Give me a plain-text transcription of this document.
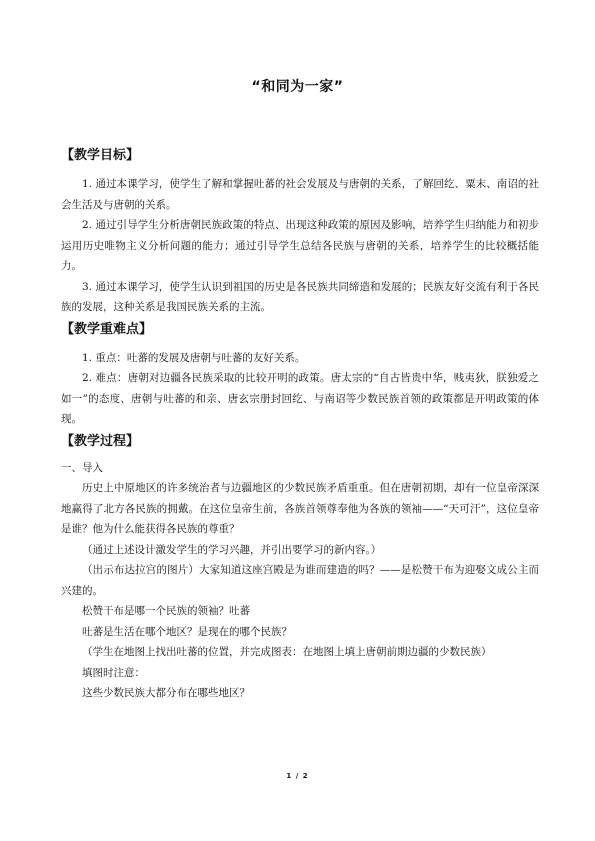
“和同为一家”
【教学目标】

1. 通过本课学习，使学生了解和掌握吐蕃的社会发展及与唐朝的关系，了解回纥、粟末、南诏的社会生活及与唐朝的关系。

2. 通过引导学生分析唐朝民族政策的特点、出现这种政策的原因及影响，培养学生归纳能力和初步运用历史唯物主义分析问题的能力；通过引导学生总结各民族与唐朝的关系，培养学生的比较概括能力。

3. 通过本课学习，使学生认识到祖国的历史是各民族共同缔造和发展的；民族友好交流有利于各民族的发展，这种关系是我国民族关系的主流。

【教学重难点】

1. 重点：吐蕃的发展及唐朝与吐蕃的友好关系。

2. 难点：唐朝对边疆各民族采取的比较开明的政策。唐太宗的“自古皆贵中华，贱夷狄，朕独爱之如一”的态度、唐朝与吐蕃的和亲、唐玄宗册封回纥、与南诏等少数民族首领的政策都是开明政策的体现。

【教学过程】

一、导入

历史上中原地区的许多统治者与边疆地区的少数民族矛盾重重。但在唐朝初期，却有一位皇帝深深地赢得了北方各民族的拥戴。在这位皇帝生前，各族首领尊奉他为各族的领袖——“天可汗”，这位皇帝是谁？他为什么能获得各民族的尊重？

（通过上述设计激发学生的学习兴趣，并引出要学习的新内容。）

（出示布达拉宫的图片）大家知道这座宫殿是为谁而建造的吗？——是松赞干布为迎娶文成公主而兴建的。

松赞干布是哪一个民族的领袖？吐蕃

吐蕃是生活在哪个地区？是现在的哪个民族？

（学生在地图上找出吐蕃的位置，并完成图表：在地图上填上唐朝前期边疆的少数民族）

填图时注意：

这些少数民族大都分布在哪些地区？

1 / 2
